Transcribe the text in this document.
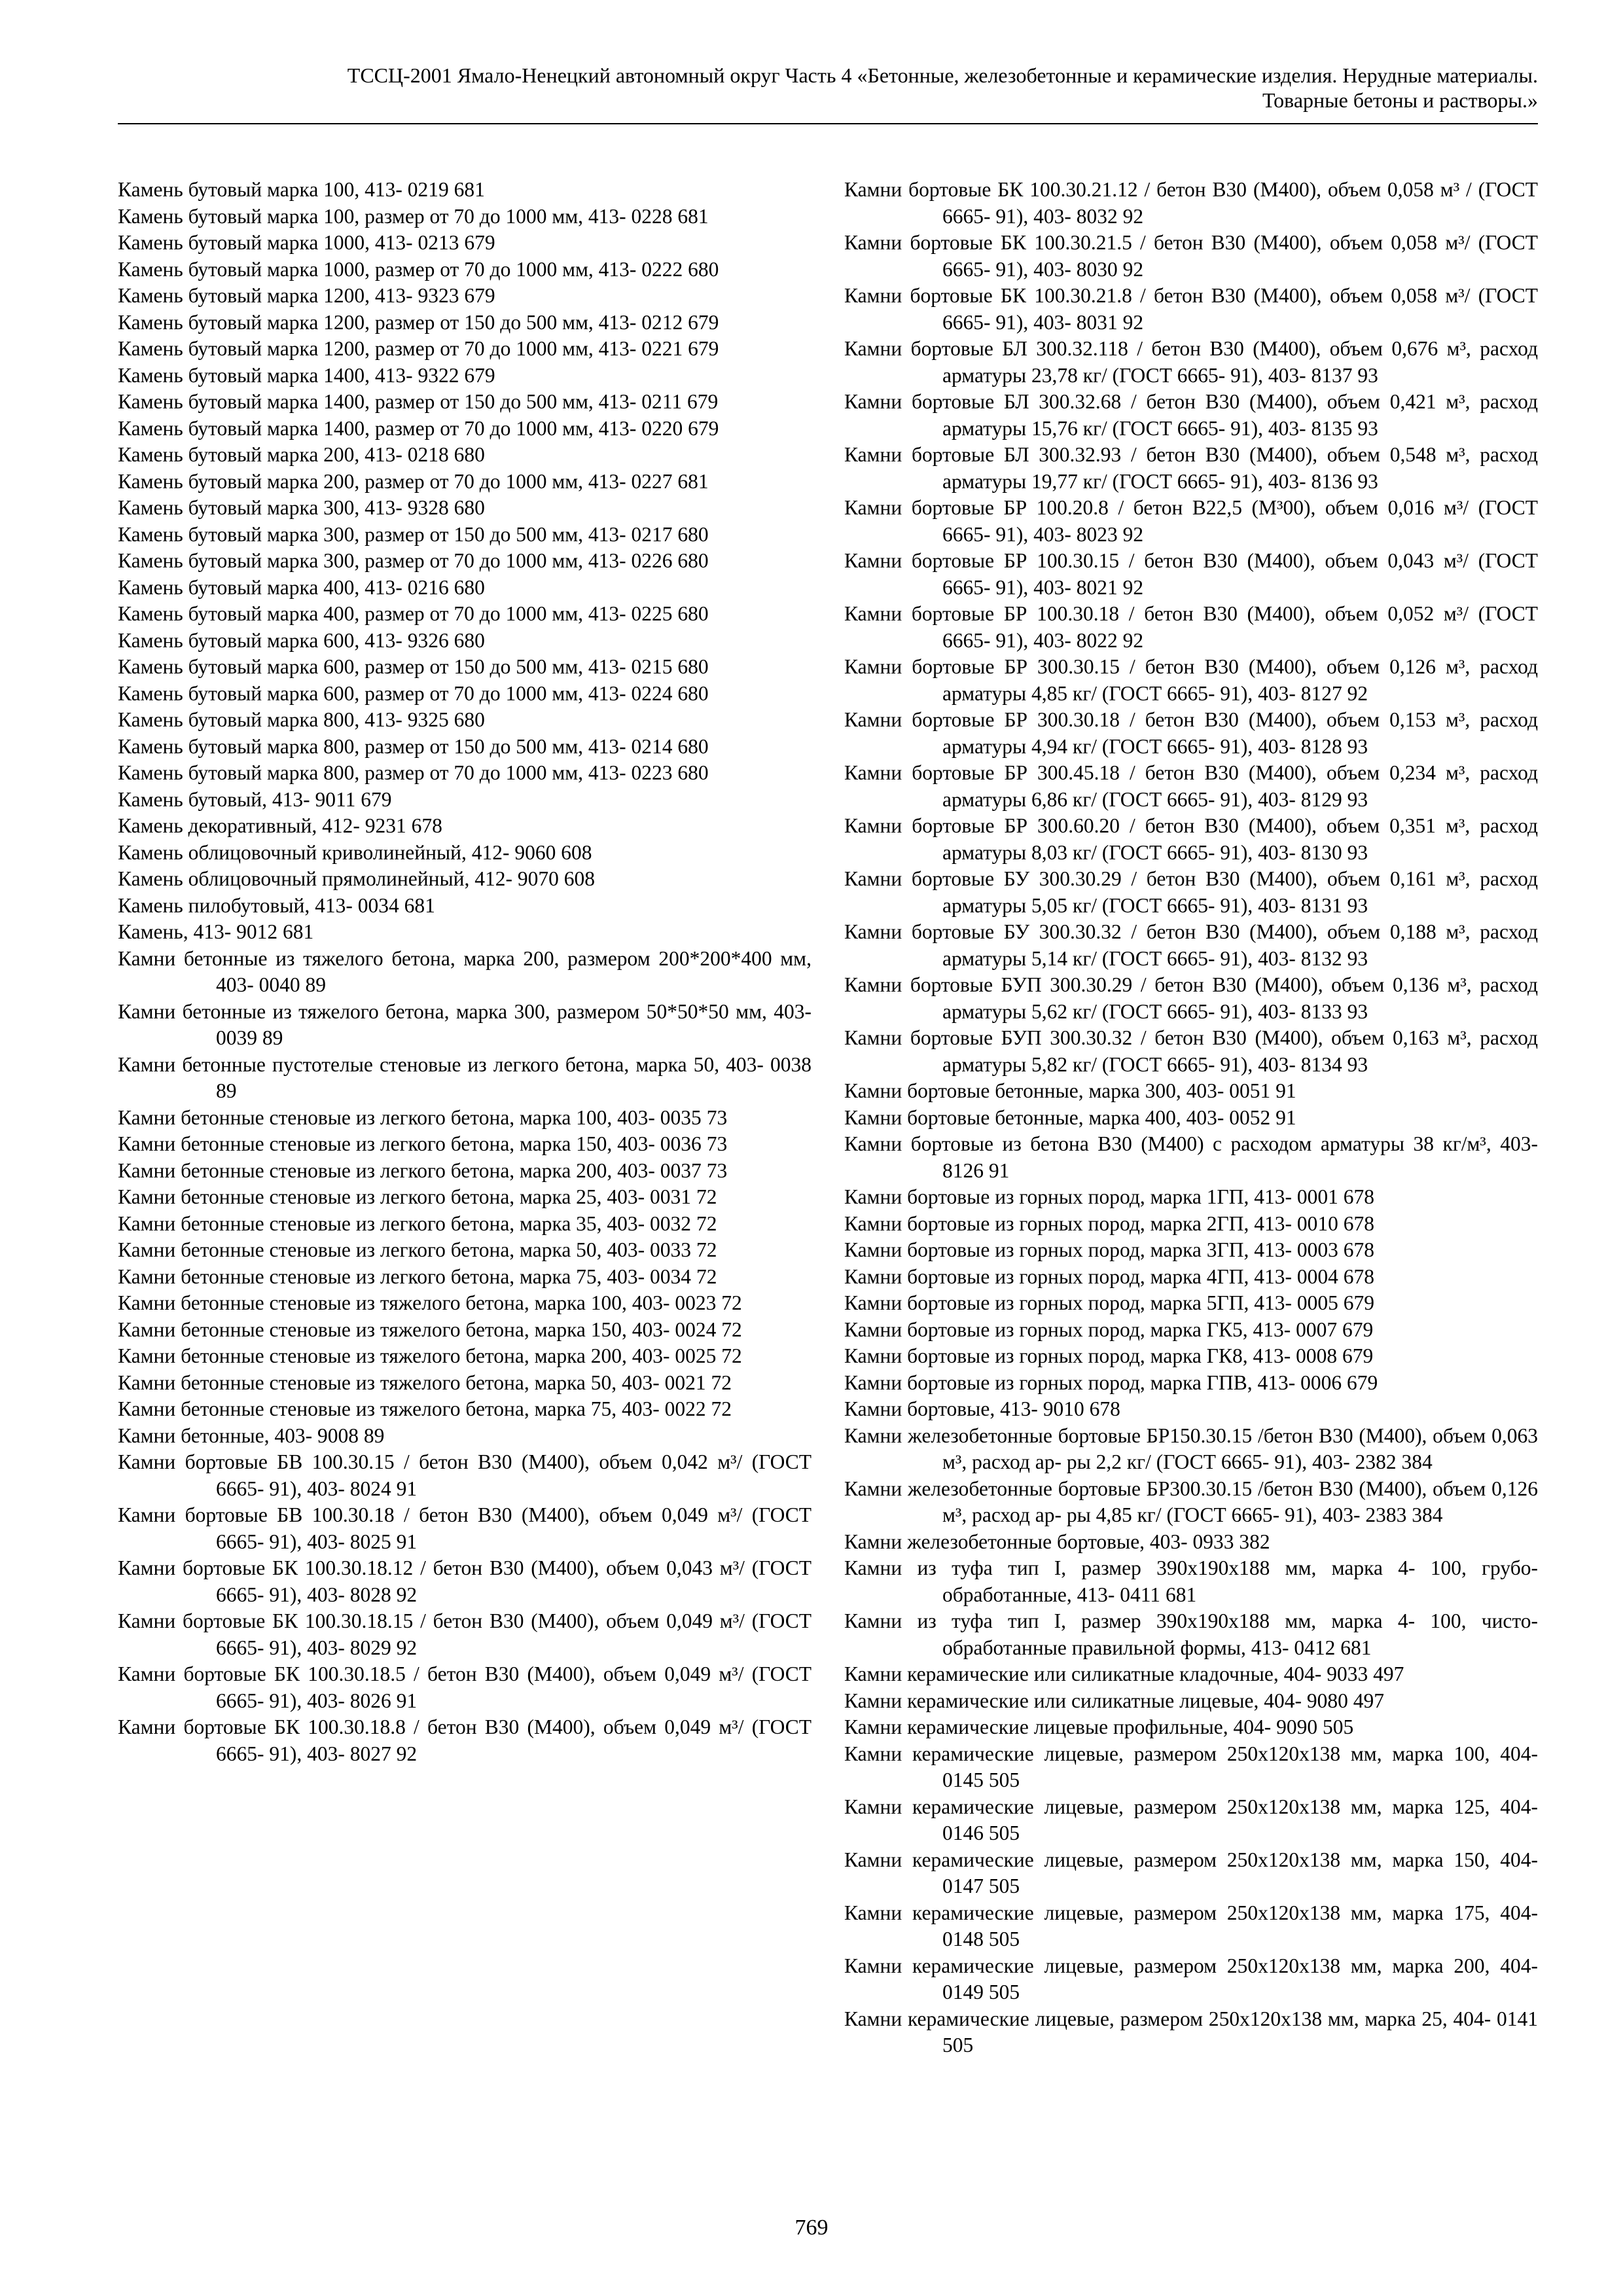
ТССЦ-2001 Ямало-Ненецкий автономный округ Часть 4 «Бетонные, железобетонные и керамические изделия. Нерудные материалы.
Товарные бетоны и растворы.»
Камень бутовый марка 100, 413- 0219 681
Камень бутовый марка 100, размер от 70 до 1000 мм, 413- 0228 681
Камень бутовый марка 1000, 413- 0213 679
Камень бутовый марка 1000, размер от 70 до 1000 мм, 413- 0222 680
Камень бутовый марка 1200, 413- 9323 679
Камень бутовый марка 1200, размер от 150 до 500 мм, 413- 0212 679
Камень бутовый марка 1200, размер от 70 до 1000 мм, 413- 0221 679
Камень бутовый марка 1400, 413- 9322 679
Камень бутовый марка 1400, размер от 150 до 500 мм, 413- 0211 679
Камень бутовый марка 1400, размер от 70 до 1000 мм, 413- 0220 679
Камень бутовый марка 200, 413- 0218 680
Камень бутовый марка 200, размер от 70 до 1000 мм, 413- 0227 681
Камень бутовый марка 300, 413- 9328 680
Камень бутовый марка 300, размер от 150 до 500 мм, 413- 0217 680
Камень бутовый марка 300, размер от 70 до 1000 мм, 413- 0226 680
Камень бутовый марка 400, 413- 0216 680
Камень бутовый марка 400, размер от 70 до 1000 мм, 413- 0225 680
Камень бутовый марка 600, 413- 9326 680
Камень бутовый марка 600, размер от 150 до 500 мм, 413- 0215 680
Камень бутовый марка 600, размер от 70 до 1000 мм, 413- 0224 680
Камень бутовый марка 800, 413- 9325 680
Камень бутовый марка 800, размер от 150 до 500 мм, 413- 0214 680
Камень бутовый марка 800, размер от 70 до 1000 мм, 413- 0223 680
Камень бутовый, 413- 9011 679
Камень декоративный, 412- 9231 678
Камень облицовочный криволинейный, 412- 9060 608
Камень облицовочный прямолинейный, 412- 9070 608
Камень пилобутовый, 413- 0034 681
Камень, 413- 9012 681
Камни бетонные из тяжелого бетона, марка 200, размером 200*200*400 мм, 403- 0040 89
Камни бетонные из тяжелого бетона, марка 300, размером 50*50*50 мм, 403- 0039 89
Камни бетонные пустотелые стеновые из легкого бетона, марка 50, 403- 0038 89
Камни бетонные стеновые из легкого бетона, марка 100, 403- 0035 73
Камни бетонные стеновые из легкого бетона, марка 150, 403- 0036 73
Камни бетонные стеновые из легкого бетона, марка 200, 403- 0037 73
Камни бетонные стеновые из легкого бетона, марка 25, 403- 0031 72
Камни бетонные стеновые из легкого бетона, марка 35, 403- 0032 72
Камни бетонные стеновые из легкого бетона, марка 50, 403- 0033 72
Камни бетонные стеновые из легкого бетона, марка 75, 403- 0034 72
Камни бетонные стеновые из тяжелого бетона, марка 100, 403- 0023 72
Камни бетонные стеновые из тяжелого бетона, марка 150, 403- 0024 72
Камни бетонные стеновые из тяжелого бетона, марка 200, 403- 0025 72
Камни бетонные стеновые из тяжелого бетона, марка 50, 403- 0021 72
Камни бетонные стеновые из тяжелого бетона, марка 75, 403- 0022 72
Камни бетонные, 403- 9008 89
Камни бортовые БВ 100.30.15 / бетон В30 (М400), объем 0,042 м³/ (ГОСТ 6665- 91), 403- 8024 91
Камни бортовые БВ 100.30.18 / бетон В30 (М400), объем 0,049 м³/ (ГОСТ 6665- 91), 403- 8025 91
Камни бортовые БК 100.30.18.12 / бетон В30 (М400), объем 0,043 м³/ (ГОСТ 6665- 91), 403- 8028 92
Камни бортовые БК 100.30.18.15 / бетон В30 (М400), объем 0,049 м³/ (ГОСТ 6665- 91), 403- 8029 92
Камни бортовые БК 100.30.18.5 / бетон В30 (М400), объем 0,049 м³/ (ГОСТ 6665- 91), 403- 8026 91
Камни бортовые БК 100.30.18.8 / бетон В30 (М400), объем 0,049 м³/ (ГОСТ 6665- 91), 403- 8027 92
Камни бортовые БК 100.30.21.12 / бетон В30 (М400), объем 0,058 м³ / (ГОСТ 6665- 91), 403- 8032 92
Камни бортовые БК 100.30.21.5 / бетон В30 (М400), объем 0,058 м³/ (ГОСТ 6665- 91), 403- 8030 92
Камни бортовые БК 100.30.21.8 / бетон В30 (М400), объем 0,058 м³/ (ГОСТ 6665- 91), 403- 8031 92
Камни бортовые БЛ 300.32.118 / бетон В30 (М400), объем 0,676 м³, расход арматуры 23,78 кг/ (ГОСТ 6665- 91), 403- 8137 93
Камни бортовые БЛ 300.32.68 / бетон В30 (М400), объем 0,421 м³, расход арматуры 15,76 кг/ (ГОСТ 6665- 91), 403- 8135 93
Камни бортовые БЛ 300.32.93 / бетон В30 (М400), объем 0,548 м³, расход арматуры 19,77 кг/ (ГОСТ 6665- 91), 403- 8136 93
Камни бортовые БР 100.20.8 / бетон В22,5 (М³00), объем 0,016 м³/ (ГОСТ 6665- 91), 403- 8023 92
Камни бортовые БР 100.30.15 / бетон В30 (М400), объем 0,043 м³/ (ГОСТ 6665- 91), 403- 8021 92
Камни бортовые БР 100.30.18 / бетон В30 (М400), объем 0,052 м³/ (ГОСТ 6665- 91), 403- 8022 92
Камни бортовые БР 300.30.15 / бетон В30 (М400), объем 0,126 м³, расход арматуры 4,85 кг/ (ГОСТ 6665- 91), 403- 8127 92
Камни бортовые БР 300.30.18 / бетон В30 (М400), объем 0,153 м³, расход арматуры 4,94 кг/ (ГОСТ 6665- 91), 403- 8128 93
Камни бортовые БР 300.45.18 / бетон В30 (М400), объем 0,234 м³, расход арматуры 6,86 кг/ (ГОСТ 6665- 91), 403- 8129 93
Камни бортовые БР 300.60.20 / бетон В30 (М400), объем 0,351 м³, расход арматуры 8,03 кг/ (ГОСТ 6665- 91), 403- 8130 93
Камни бортовые БУ 300.30.29 / бетон В30 (М400), объем 0,161 м³, расход арматуры 5,05 кг/ (ГОСТ 6665- 91), 403- 8131 93
Камни бортовые БУ 300.30.32 / бетон В30 (М400), объем 0,188 м³, расход арматуры 5,14 кг/ (ГОСТ 6665- 91), 403- 8132 93
Камни бортовые БУП 300.30.29 / бетон В30 (М400), объем 0,136 м³, расход арматуры 5,62 кг/ (ГОСТ 6665- 91), 403- 8133 93
Камни бортовые БУП 300.30.32 / бетон В30 (М400), объем 0,163 м³, расход арматуры 5,82 кг/ (ГОСТ 6665- 91), 403- 8134 93
Камни бортовые бетонные, марка 300, 403- 0051 91
Камни бортовые бетонные, марка 400, 403- 0052 91
Камни бортовые из бетона В30 (М400) с расходом арматуры 38 кг/м³, 403- 8126 91
Камни бортовые из горных пород, марка 1ГП, 413- 0001 678
Камни бортовые из горных пород, марка 2ГП, 413- 0010 678
Камни бортовые из горных пород, марка 3ГП, 413- 0003 678
Камни бортовые из горных пород, марка 4ГП, 413- 0004 678
Камни бортовые из горных пород, марка 5ГП, 413- 0005 679
Камни бортовые из горных пород, марка ГК5, 413- 0007 679
Камни бортовые из горных пород, марка ГК8, 413- 0008 679
Камни бортовые из горных пород, марка ГПВ, 413- 0006 679
Камни бортовые, 413- 9010 678
Камни железобетонные бортовые БР150.30.15 /бетон В30 (М400), объем 0,063 м³, расход ар- ры 2,2 кг/ (ГОСТ 6665- 91), 403- 2382 384
Камни железобетонные бортовые БР300.30.15 /бетон В30 (М400), объем 0,126 м³, расход ар- ры 4,85 кг/ (ГОСТ 6665- 91), 403- 2383 384
Камни железобетонные бортовые, 403- 0933 382
Камни из туфа тип I, размер 390х190х188 мм, марка 4- 100, грубо- обработанные, 413- 0411 681
Камни из туфа тип I, размер 390х190х188 мм, марка 4- 100, чисто- обработанные правильной формы, 413- 0412 681
Камни керамические или силикатные кладочные, 404- 9033 497
Камни керамические или силикатные лицевые, 404- 9080 497
Камни керамические лицевые профильные, 404- 9090 505
Камни керамические лицевые, размером 250х120х138 мм, марка 100, 404- 0145 505
Камни керамические лицевые, размером 250х120х138 мм, марка 125, 404- 0146 505
Камни керамические лицевые, размером 250х120х138 мм, марка 150, 404- 0147 505
Камни керамические лицевые, размером 250х120х138 мм, марка 175, 404- 0148 505
Камни керамические лицевые, размером 250х120х138 мм, марка 200, 404- 0149 505
Камни керамические лицевые, размером 250х120х138 мм, марка 25, 404- 0141 505
769
